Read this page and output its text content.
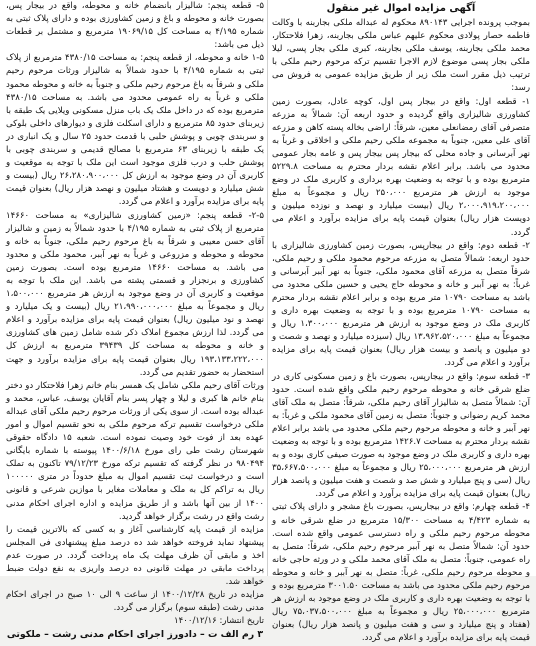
آگهی مزایده اموال غیر منقول

بموجب پرونده اجرایی ۸۹۰۱۴۳ محکوم له عبداله ملکی بجاربنه با وکالت فاطمه حصار پولادی محکوم علیهم عباس ملکی بجاربنه، زهرا فلاحتکار، محمد ملکی بجاربنه، یوسف ملکی بجاربنه، کبری ملکی بجار پسی، لیلا ملکی بجار پسی موضوع لازم الاجرا تقسیم ترکه مرحوم رحیم ملکی با ترتیب ذیل مقرر است ملک زیر از طریق مزایده عمومی به فروش می رسد:

۱- قطعه اول: واقع در بیجار پس اول، کوچه عادل، بصورت زمین کشاورزی شالیزاری واقع گردیده و حدود اربعه آن: شمالاً به مزرعه متصرفی آقای رمضانعلی معین، شرقاً: اراضی بخاله پسته کاهن و مزرعه آقای علی معین، جنوباً به مجموعه ملکی رحیم ملکی و اخلاقی و غرباً به نهر آبرسانی و جاده محلی که بیجار پس بیجار پس و عامه بجار عمومی محدود می باشد. برابر اعلام نقشه بردار محترم به مساحت ۵۲۲۹.۸ مترمربع بوده و با توجه به وضعیت بهره برداری و کاربری ملک در وضع موجود به ارزش هر مترمربع ۲۵۰،۰۰۰ ریال و مجموعاً به مبلغ ۲،۰۰۰،۹۱۹،۲۰۰،۰۰۰ ریال (بیست میلیارد و نهصد و نوزده میلیون و دویست هزار ریال) بعنوان قیمت پایه برای مزایده برآورد و اعلام می گردد.

۲- قطعه دوم: واقع در بیجارپس، بصورت زمین کشاورزی شالیزاری با حدود اربعه: شمالاً متصل به مزرعه مرحوم محمود ملکی و رحیم ملکی، شرقاً متصل به مزرعه آقای محمود ملکی، جنوباً به نهر آببر آبرسانی و غرباً: به نهر آببر و خانه و محوطه حاج یحیی و حسین ملکی محدود می باشد به مساحت ۱۰۷۹۰ متر مربع بوده و برابر اعلام نقشه بردار محترم به مساحت ۱۰۷۹۰ مترمربع بوده و با توجه به وضعیت بهره داری و کاربری ملک در وضع موجود به ارزش هر مترمربع ۱،۳۰۰،۰۰۰ ریال و مجموعاً به مبلغ ۱۳،۹۶۲،۵۲۰،۰۰۰ ریال (سیزده میلیارد و نهصد و شصت و دو میلیون و پانصد و بیست هزار ریال) بعنوان قیمت پایه برای مزایده برآورد و اعلام می گردد.

۳- قطعه سوم: واقع در بیجارپس، بصورت باغ و زمین مسکونی کاری در ضلع شرقی خانه و محوطه مرحوم رحیم ملکی واقع شده است. حدود آن: شمالاً متصل به شالیزار آقای رحیم ملکی، شرقاً: متصل به ملک آقای محمد کریم رضوانی و جنوباً: متصل به زمین آقای محمود ملکی و غرباً: به نهر آببر و خانه و محوطه مرحوم رحیم ملکی محدود می باشد برابر اعلام نقشه بردار محترم به مساحت ۱۴۲۶.۷ مترمربع بوده و با توجه به وضعیت بهره داری و کاربری ملک در وضع موجود به صورت صیفی کاری بوده و به ارزش هر مترمربع ۲۵،۰۰۰،۰۰۰ ریال و مجموعاً به مبلغ ۳۵،۶۶۷،۵۰۰،۰۰۰ ریال (سی و پنج میلیارد و شش صد و شصت و هفت میلیون و پانصد هزار ریال) بعنوان قیمت پایه برای مزایده برآورد و اعلام می گردد.

۴- قطعه چهارم: واقع در بیجارپس، بصورت باغ مشجر و دارای پلاک ثبتی به شماره ۴/۴۲۳ به مساحت ۱۵/۳۰۰ مترمربع در ضلع شرقی خانه و محوطه مرحوم رحیم ملکی و راه دسترسی عمومی واقع شده است. حدود آن: شمالاً متصل به نهر آببر مرحوم رحیم ملکی، شرقاً: متصل به راه عمومی، جنوباً: متصل به ملک آقای محمد ملکی و در ورثه حاجی خانه و محوطه مرحوم رحیم ملکی، غرباً: متصل به نهر آببر و خانه و محوطه مرحوم رحیم ملکی محدود می باشد به مساحت ۳۰۰۱.۵۰ مترمربع بوده و با توجه به وضعیت بهره داری و کاربری ملک در وضع موجود به ارزش هر مترمربع ۲۵،۰۰۰،۰۰۰ ریال و مجموعاً به مبلغ ۷۵،۰۳۷،۵۰۰،۰۰۰ ریال (هفتاد و پنج میلیارد و سی و هفت میلیون و پانصد هزار ریال) بعنوان قیمت پایه برای مزایده برآورد و اعلام می گردد.

۵- قطعه پنجم: شالیزار بانضمام خانه و محوطه، واقع در بیجار پس، بصورت خانه و محوطه و باغ و زمین کشاورزی بوده و دارای پلاک ثبتی به شماره ۴/۱۹۵ به مساحت کل ۱۹۰۶۹/۱۵ مترمربع و مشتمل بر قطعات ذیل می باشد:

۱-۵ خانه و محوطه، از قطعه پنجم: به مساحت ۴۳۸۰/۱۵ مترمربع از پلاک ثبتی به شماره ۴/۱۹۵ با حدود شمالاً به شالیزار ورثات مرحوم رحیم ملکی و شرقاً به باغ مرحوم رحیم ملکی و جنوباً به خانه و محوطه محمود ملکی و غرباً به راه عمومی محدود می باشد. به مساحت ۴۳۸۰/۱۵ مترمربع بوده که در داخل ملک یک باب منزل مسکونی ویلایی یک طبقه با زیربنای حدود ۸۵ مترمربع و دارای اسکلت فلزی و دیوارهای داخلی بلوکی و سربندی چوبی و پوشش حلبی با قدمت حدود ۲۵ سال و یک انباری در یک طبقه با زیربنای ۶۳ مترمربع با مصالح قدیمی و سربندی چوبی با پوشش حلب و درب فلزی موجود است این ملک با توجه به موقعیت و کاربری آن در وضع موجود به ارزش کل ۲۶،۲۸۰،۹۰۰،۰۰۰ ریال (بیست و شش میلیارد و دویست و هشتاد میلیون و نهصد هزار ریال) بعنوان قیمت پایه برای مزایده برآورد و اعلام می گردد.

۲-۵- قطعه پنجم: «زمین کشاورزی شالیزاری» به مساحت ۱۴۶۶۰ مترمربع از پلاک ثبتی به شماره ۴/۱۹۵ با حدود شمالاً به زمین و شالیزار آقای حسن معیبی و شرقاً به باغ مرحوم رحیم ملکی، جنوباً به خانه و محوطه و محوطه و مزروعی و غرباً به نهر آببر، محمود ملکی و محدود می باشد. به مساحت ۱۴۶۶۰ مترمربع بوده است. بصورت زمین کشاورزی و برنجزار و قسمتی پشته می باشد. این ملک با توجه به موقعیت و کاربری آن در وضع موجود به ارزش هر مترمربع ۱،۵۰۰،۰۰۰ ریال و مجموعاً به مبلغ ۲۱،۹۹۰،۰۰۰،۰۰۰ ریال (بیست و یک میلیارد و نهصد و نود میلیون ریال) بعنوان قیمت پایه برای مزایده برآورد و اعلام می گردد. لذا ارزش مجموع املاک ذکر شده شامل زمین های کشاورزی و خانه و محوطه به مساحت کل ۳۹۴۳۹ مترمربع به ارزش کل ۱۹۳،۱۳۳،۲۲۲،۰۰۰ ریال بعنوان قیمت پایه برای مزایده برآورد و جهت استحضار به حضور تقدیم می گردد.

ورثات آقای رحیم ملکی شامل یک همسر بنام خانم زهرا فلاحتکار دو دختر بنام خانم ها کبری و لیلا و چهار پسر بنام آقایان یوسف، عباس، محمد و عبداله بوده است. از سوی یکی از ورثات مرحوم رحیم ملکی آقای عبداله ملکی درخواست تقسیم ترکه مرحوم ملکی به نحو تقسیم اموال و امور عهده بعد از فوت خود وصیت نموده است. شعبه ۱۵ دادگاه حقوقی شهرستان رشت طی رای مورخ ۱۴۰۰/۶/۱۸ پیوسته با شماره بایگانی ۹۸۰۴۹۴ در نظر گرفته که تقسیم ترکه مورخ ۷۹/۱۲/۲۳ تاکنون به تملک است و درخواست ثبت تقسیم اموال به مبلغ حدوداً در متری ۱۰۰۰۰۰ ریال به تراکم کل به ملک و معاملات مغایر با موازین شرعی و قانونی ۱۴۰۰ از بین آنها باشد و از طریق مزایده و اداره اجرای احکام مدنی رشت واقع در رشت برگزار خواهد گردید.

مزایده از قیمت پایه کارشناسی آغاز و به کسی که بالاترین قیمت را پیشنهاد نماید فروخته خواهد شد ده درصد مبلغ پیشنهادی فی المجلس اخذ و مابقی آن ظرف مهلت یک ماه پرداخت گردد. در صورت عدم پرداخت مابقی در مهلت قانونی ده درصد واریزی به نفع دولت ضبط خواهد شد.

مزایده در تاریخ ۱۴۰۰/۱۲/۲۸ از ساعت ۹ الی ۱۰ صبح در اجرای احکام مدنی رشت (طبقه سوم) برگزار می گردد.

تاریخ انتشار: ۱۴۰۰/۱۲/۱۶
۳ رم الف ت – دادورز اجرای احکام مدنی رشت – ملکوتی
